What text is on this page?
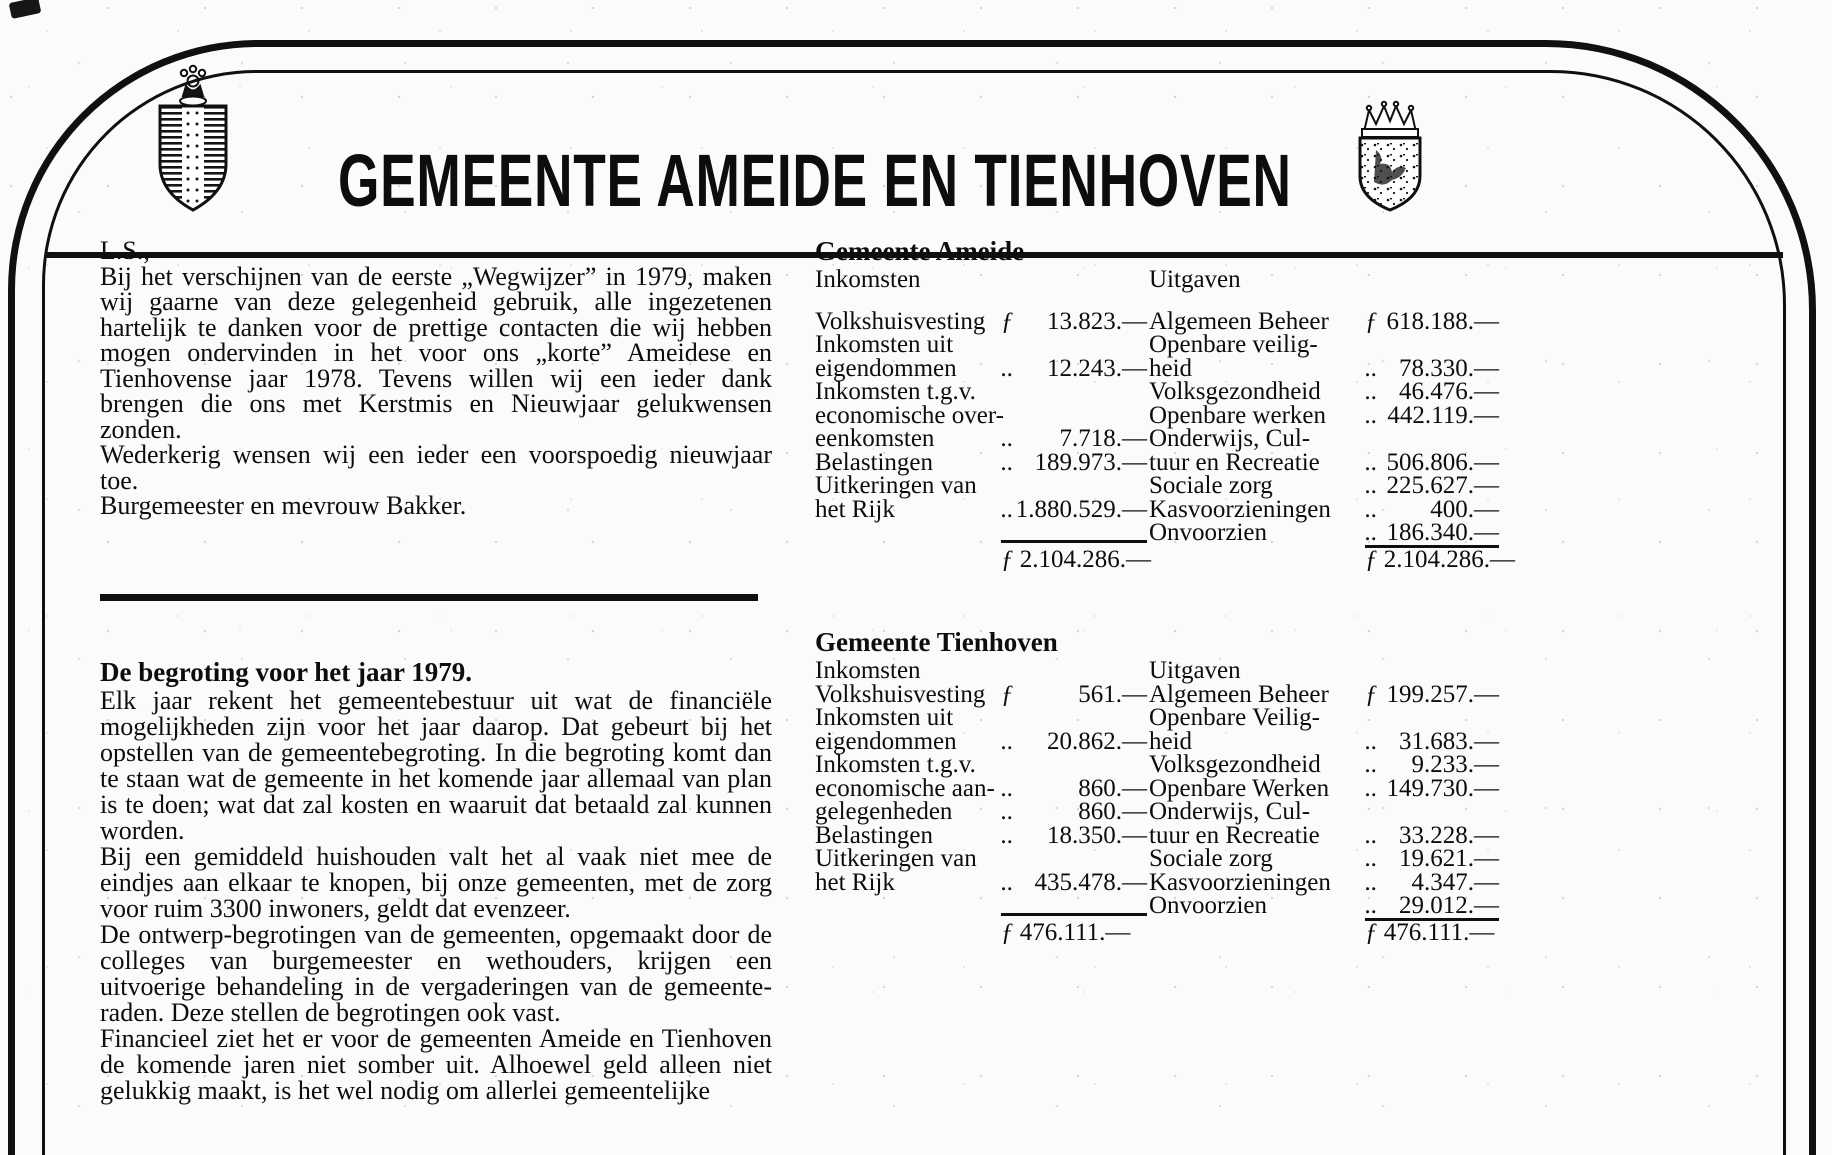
GEMEENTE AMEIDE EN TIENHOVEN

L.S.,

Bij het verschijnen van de eerste „Wegwijzer” in 1979, maken wij gaarne van deze gelegenheid gebruik, alle ingezetenen hartelijk te danken voor de prettige contacten die wij hebben mogen ondervinden in het voor ons „korte” Ameidese en Tienhovense jaar 1978. Tevens willen wij een ieder dank brengen die ons met Kerstmis en Nieuwjaar gelukwensen zonden.

Wederkerig wensen wij een ieder een voorspoedig nieuwjaar toe.

Burgemeester en mevrouw Bakker.

De begroting voor het jaar 1979.

Elk jaar rekent het gemeentebestuur uit wat de financiële mogelijkheden zijn voor het jaar daarop. Dat gebeurt bij het opstellen van de gemeentebegroting. In die begroting komt dan te staan wat de gemeente in het komende jaar allemaal van plan is te doen; wat dat zal kosten en waaruit dat betaald zal kunnen worden.

Bij een gemiddeld huishouden valt het al vaak niet mee de eindjes aan elkaar te knopen, bij onze gemeenten, met de zorg voor ruim 3300 inwoners, geldt dat evenzeer.

De ontwerp-begrotingen van de gemeenten, opgemaakt door de colleges van burgemeester en wethouders, krijgen een uitvoerige behandeling in de vergaderingen van de gemeente-raden. Deze stellen de begrotingen ook vast.

Financieel ziet het er voor de gemeenten Ameide en Tienhoven de komende jaren niet somber uit. Alhoewel geld alleen niet gelukkig maakt, is het wel nodig om allerlei gemeentelijke

Gemeente Ameide

Inkomsten	Uitgaven
Volkshuisvesting ƒ	13.823.— Algemeen Beheer	ƒ 618.188.—
Inkomsten uit	Openbare veilig-
eigendommen	..	12.243.— heid	.. 78.330.—
Inkomsten t.g.v.	Volksgezondheid	.. 46.476.—
economische over-	Openbare werken	.. 442.119.—
eenkomsten	..	7.718.— Onderwijs, Cul-
Belastingen	.. 189.973.— tuur en Recreatie	.. 506.806.—
Uitkeringen van	Sociale zorg	.. 225.627.—
het Rijk	.. 1.880.529.— Kasvoorzieningen	..	400.—
Onvoorzien	.. 186.340.—
ƒ 2.104.286.—	ƒ 2.104.286.—

Gemeente Tienhoven

Inkomsten	Uitgaven
Volkshuisvesting ƒ	561.— Algemeen Beheer	ƒ 199.257.—
Inkomsten uit	Openbare Veilig-
eigendommen	..	20.862.— heid	.. 31.683.—
Inkomsten t.g.v.	Volksgezondheid	..	9.233.—
economische aan- ..	860.— Openbare Werken	.. 149.730.—
gelegenheden	..	860.— Onderwijs, Cul-
Belastingen	..	18.350.— tuur en Recreatie	.. 33.228.—
Uitkeringen van	Sociale zorg	.. 19.621.—
het Rijk	.. 435.478.— Kasvoorzieningen	..	4.347.—
Onvoorzien	.. 29.012.—
ƒ 476.111.—	ƒ 476.111.—
